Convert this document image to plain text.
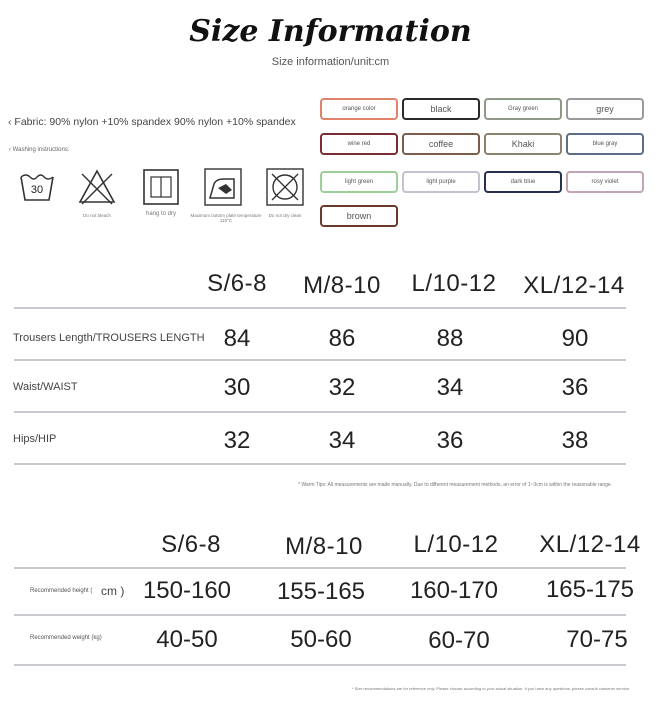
Size Information
Size information/unit:cm
‹ Fabric: 90% nylon +10% spandex 90% nylon +10% spandex
‹ Washing instructions:
30
Do not bleach	hang to dry	Maximum bottom plate temperature 110°C
Do not dry clean
orange color	black	Gray green	grey
wine red	coffee	Khaki	blue gray
light green	light purple	dark blue	rosy violet
brown
S/6-8	M/8-10	L/10-12	XL/12-14
Trousers Length/TROUSERS LENGTH 84	86	88	90
Waist/WAIST	30	32	34	36
Hips/HIP	32	34	36	38
* Warm Tips: All measurements are made manually. Due to different measurement methods, an error of 1~3cm is within the reasonable range.
S/6-8	M/8-10	L/10-12	XL/12-14
Recommended height ( cm ) 150-160	155-165	160-170	165-175
Recommended weight (kg)	40-50	50-60	60-70	70-75
* Size recommendations are for reference only. Please choose according to your actual situation. If you have any questions, please consult customer service.
